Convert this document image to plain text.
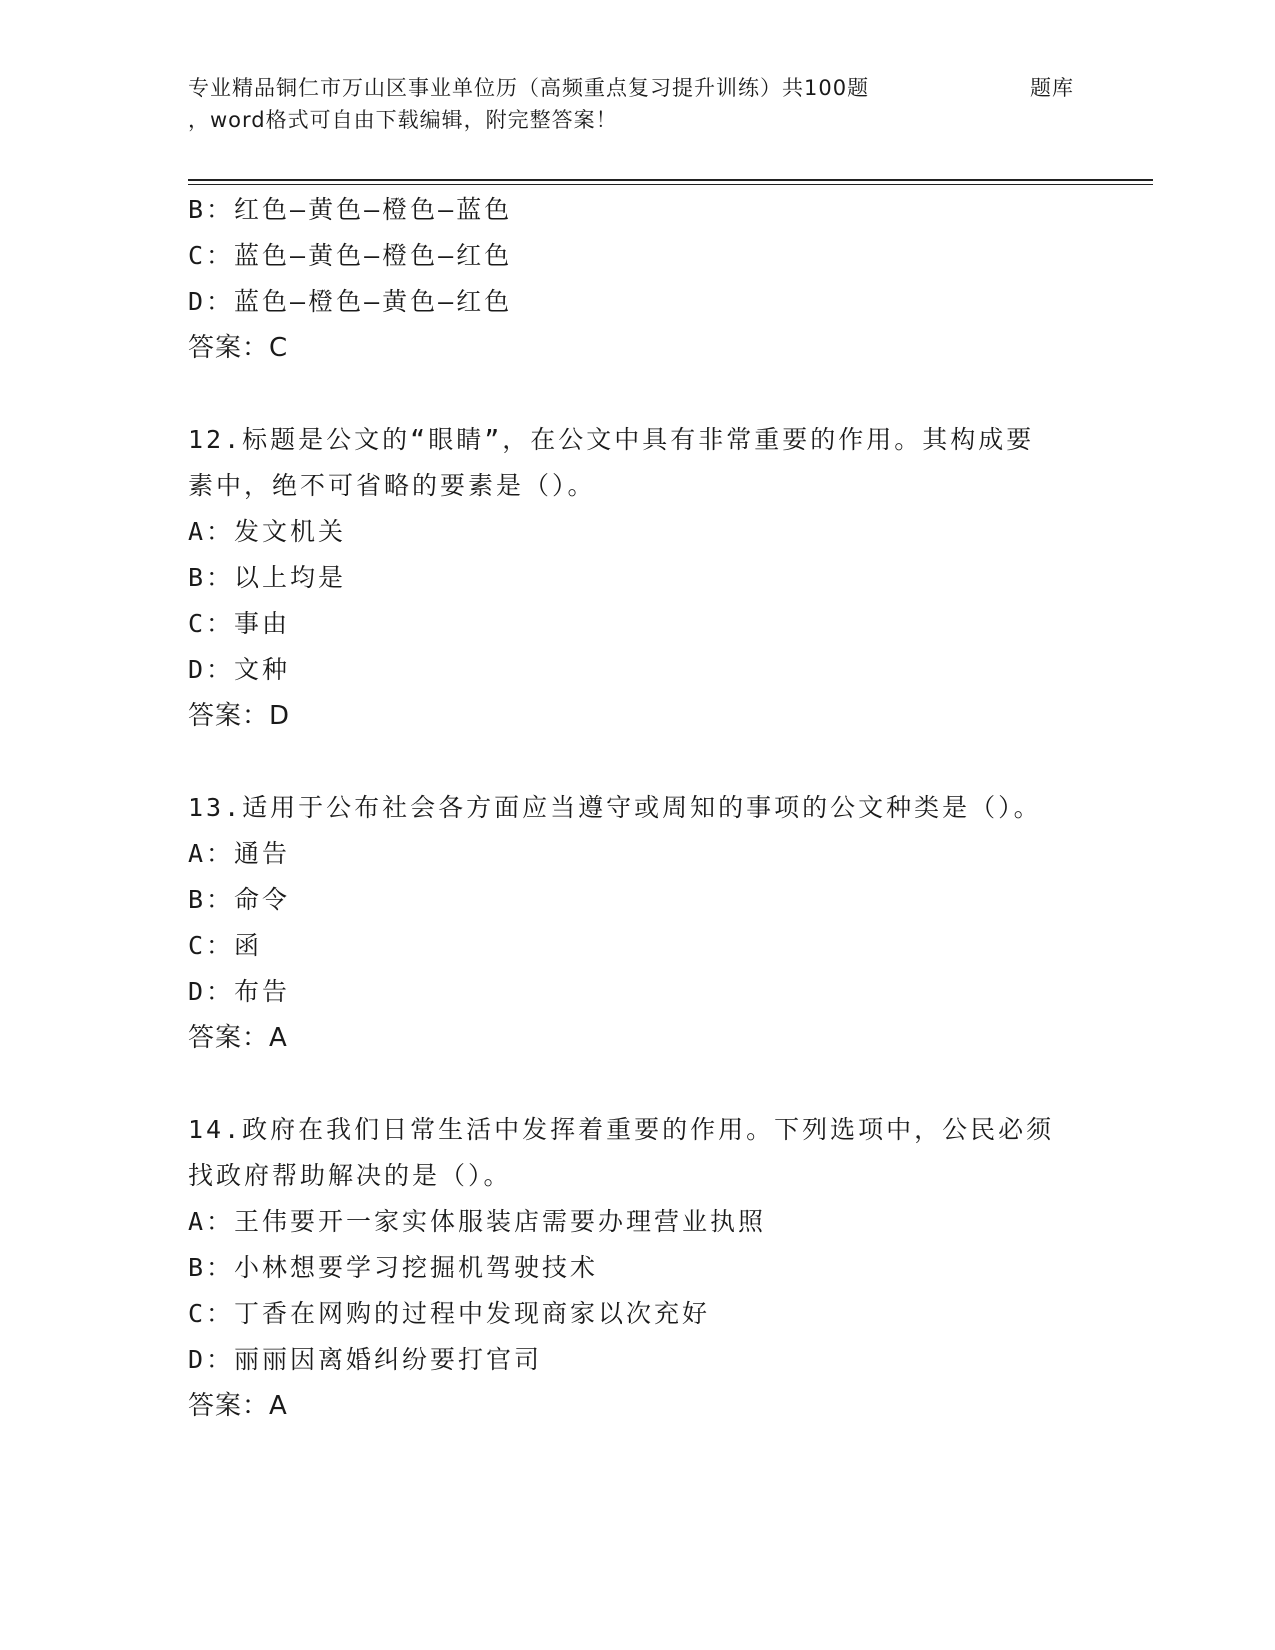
专业精品铜仁市万山区事业单位历（高频重点复习提升训练）共100题
，word格式可自由下载编辑，附完整答案！
题库
B：红色—黄色—橙色—蓝色
C：蓝色—黄色—橙色—红色
D：蓝色—橙色—黄色—红色
答案：C
12.标题是公文的“眼睛”，在公文中具有非常重要的作用。其构成要
素中，绝不可省略的要素是（）。
A：发文机关
B：以上均是
C：事由
D：文种
答案：D
13.适用于公布社会各方面应当遵守或周知的事项的公文种类是（）。
A：通告
B：命令
C：函
D：布告
答案：A
14.政府在我们日常生活中发挥着重要的作用。下列选项中，公民必须
找政府帮助解决的是（）。
A：王伟要开一家实体服装店需要办理营业执照
B：小林想要学习挖掘机驾驶技术
C：丁香在网购的过程中发现商家以次充好
D：丽丽因离婚纠纷要打官司
答案：A
